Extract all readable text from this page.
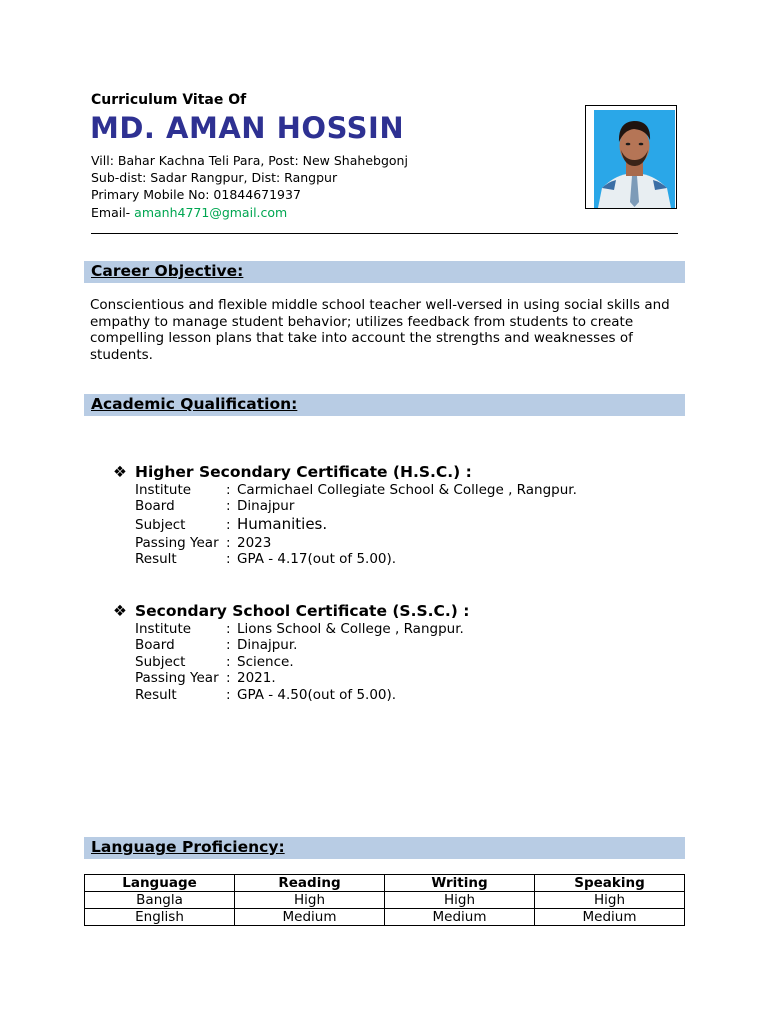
Curriculum Vitae Of
MD. AMAN HOSSIN
Vill: Bahar Kachna Teli Para, Post: New Shahebgonj
Sub-dist: Sadar Rangpur, Dist: Rangpur
Primary Mobile No: 01844671937
Email- amanh4771@gmail.com
Career Objective:
Conscientious and flexible middle school teacher well-versed in using social skills and empathy to manage student behavior; utilizes feedback from students to create compelling lesson plans that take into account the strengths and weaknesses of students.
Academic Qualification:
❖ Higher Secondary Certificate (H.S.C.) :
Institute	: Carmichael Collegiate School & College , Rangpur.
Board	: Dinajpur
Subject	: Humanities.
Passing Year : 2023
Result	: GPA - 4.17(out of 5.00).
❖ Secondary School Certificate (S.S.C.) :
Institute	: Lions School & College , Rangpur.
Board	: Dinajpur.
Subject	: Science.
Passing Year : 2021.
Result	: GPA - 4.50(out of 5.00).
Language Proficiency:
Language	Reading	Writing	Speaking
Bangla	High	High	High
English	Medium	Medium	Medium
